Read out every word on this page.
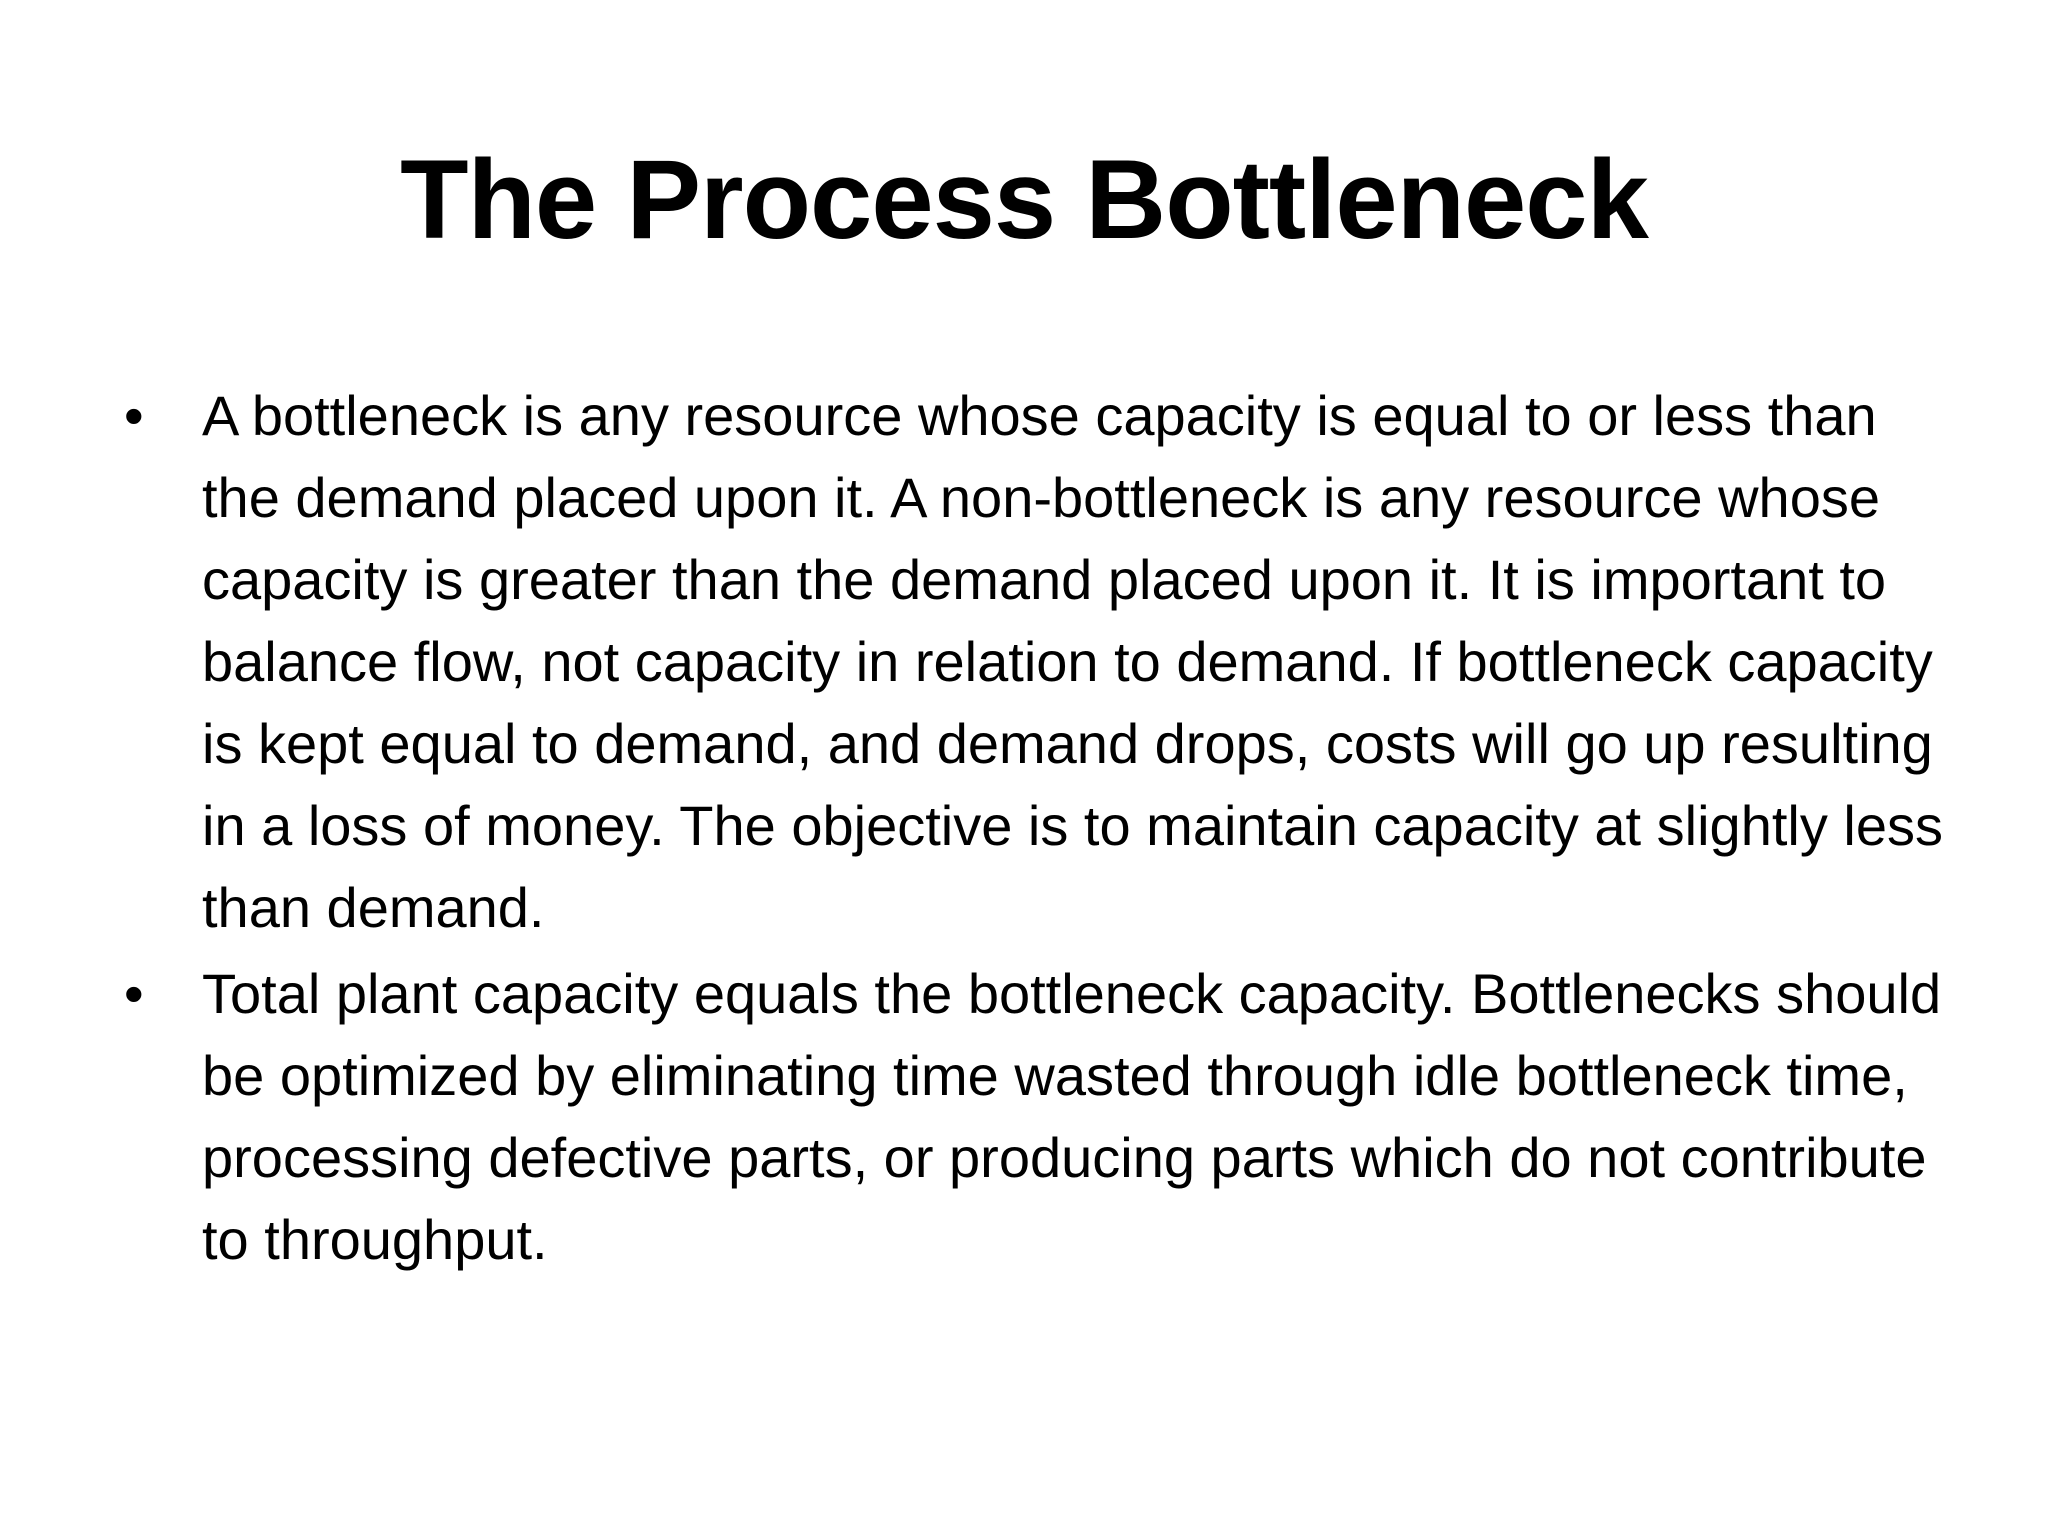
The Process Bottleneck
• A bottleneck is any resource whose capacity is equal to or less than the demand placed upon it. A non-bottleneck is any resource whose capacity is greater than the demand placed upon it. It is important to balance flow, not capacity in relation to demand. If bottleneck capacity is kept equal to demand, and demand drops, costs will go up resulting in a loss of money. The objective is to maintain capacity at slightly less than demand.
• Total plant capacity equals the bottleneck capacity. Bottlenecks should be optimized by eliminating time wasted through idle bottleneck time, processing defective parts, or producing parts which do not contribute to throughput.
